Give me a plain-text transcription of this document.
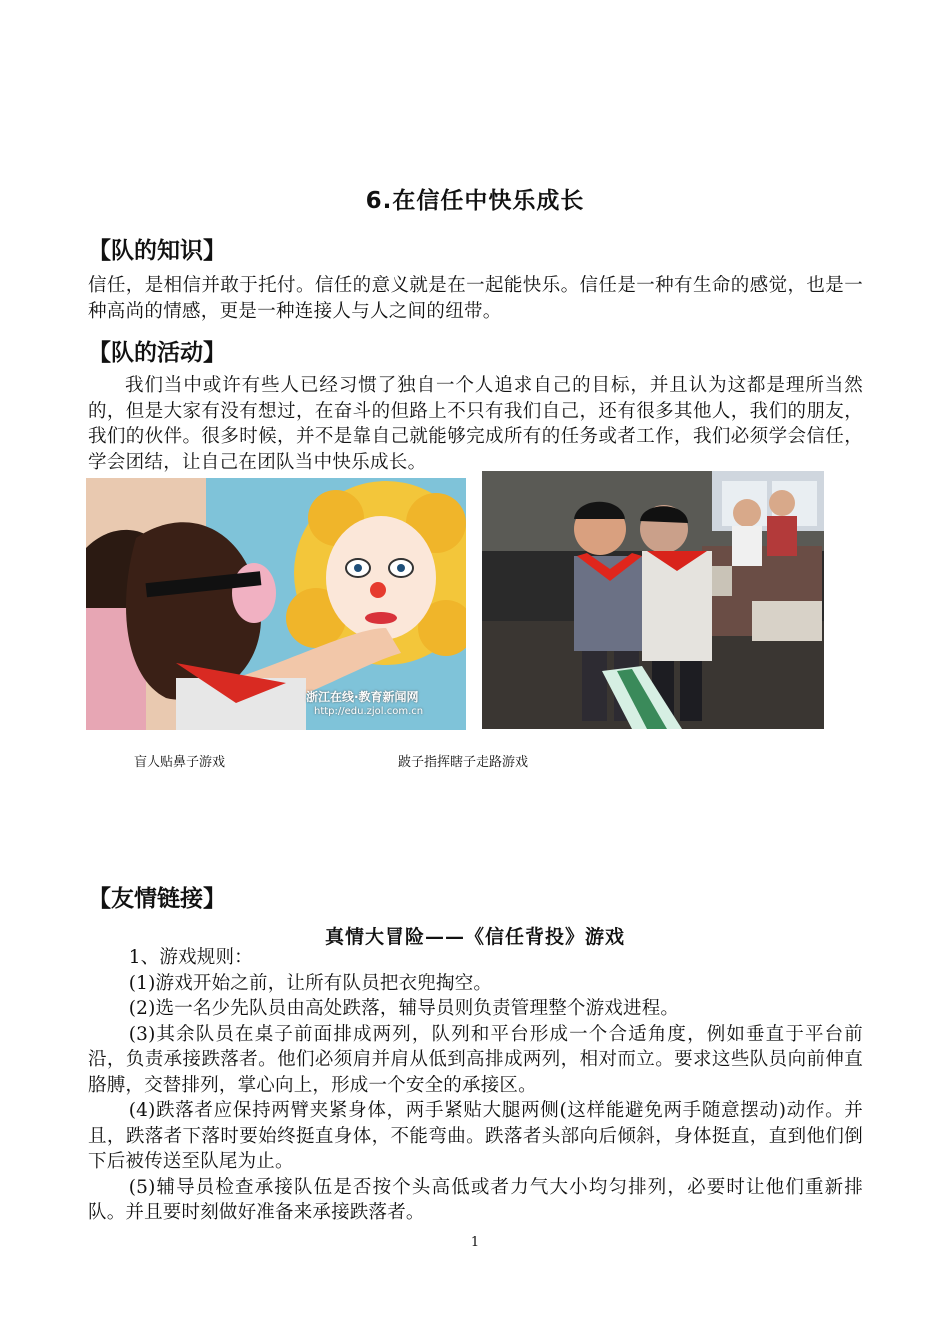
6.在信任中快乐成长
【队的知识】

信任，是相信并敢于托付。信任的意义就是在一起能快乐。信任是一种有生命的感觉，也是一种高尚的情感，更是一种连接人与人之间的纽带。

【队的活动】

我们当中或许有些人已经习惯了独自一个人追求自己的目标，并且认为这都是理所当然的，但是大家有没有想过，在奋斗的但路上不只有我们自己，还有很多其他人，我们的朋友，我们的伙伴。很多时候，并不是靠自己就能够完成所有的任务或者工作，我们必须学会信任，学会团结，让自己在团队当中快乐成长。

浙江在线·教育新闻网
http://edu.zjol.com.cn
盲人贴鼻子游戏	跛子指挥瞎子走路游戏
【友情链接】
真情大冒险——《信任背投》游戏

1、游戏规则：

(1)游戏开始之前，让所有队员把衣兜掏空。

(2)选一名少先队员由高处跌落，辅导员则负责管理整个游戏进程。

(3)其余队员在桌子前面排成两列，队列和平台形成一个合适角度，例如垂直于平台前沿，负责承接跌落者。他们必须肩并肩从低到高排成两列，相对而立。要求这些队员向前伸直胳膊，交替排列，掌心向上，形成一个安全的承接区。

(4)跌落者应保持两臂夹紧身体，两手紧贴大腿两侧(这样能避免两手随意摆动)动作。并且，跌落者下落时要始终挺直身体，不能弯曲。跌落者头部向后倾斜，身体挺直，直到他们倒下后被传送至队尾为止。

(5)辅导员检查承接队伍是否按个头高低或者力气大小均匀排列，必要时让他们重新排队。并且要时刻做好准备来承接跌落者。

1
